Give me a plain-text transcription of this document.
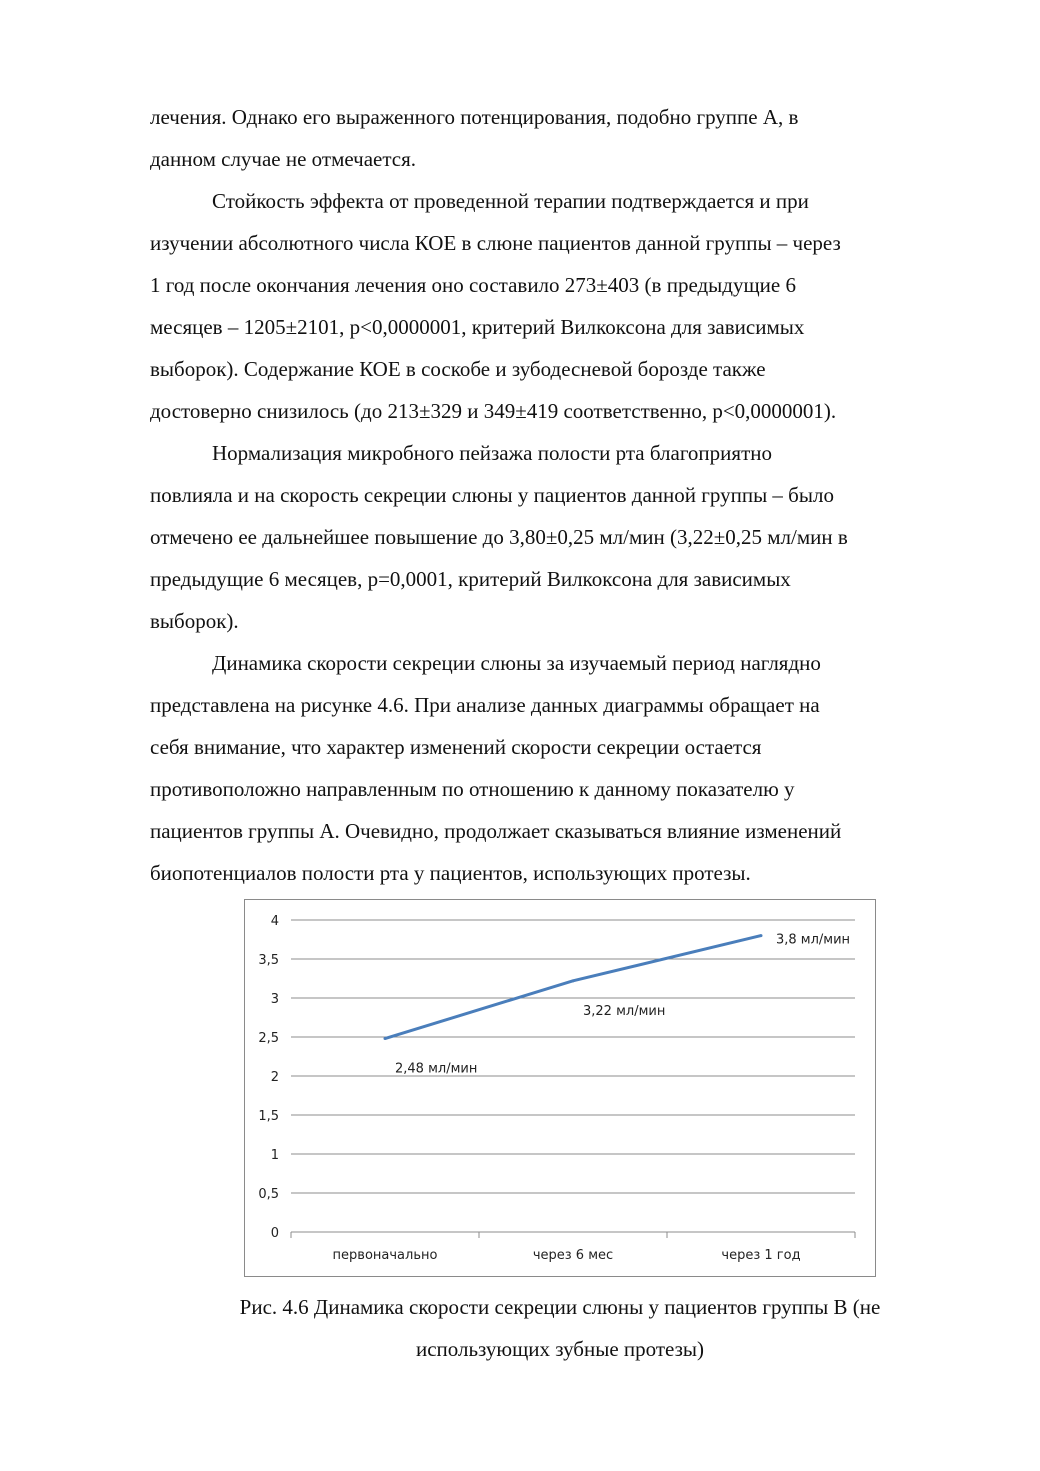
лечения. Однако его выраженного потенцирования, подобно группе А, в
данном случае не отмечается.
Стойкость эффекта от проведенной терапии подтверждается и при
изучении абсолютного числа КОЕ в слюне пациентов данной группы – через
1 год после окончания лечения оно составило 273±403 (в предыдущие 6
месяцев – 1205±2101, p<0,0000001, критерий Вилкоксона для зависимых
выборок). Содержание КОЕ в соскобе и зубодесневой борозде также
достоверно снизилось (до 213±329 и 349±419 соответственно, p<0,0000001).
Нормализация микробного пейзажа полости рта благоприятно
повлияла и на скорость секреции слюны у пациентов данной группы – было
отмечено ее дальнейшее повышение до 3,80±0,25 мл/мин (3,22±0,25 мл/мин в
предыдущие 6 месяцев, p=0,0001, критерий Вилкоксона для зависимых
выборок).
Динамика скорости секреции слюны за изучаемый период наглядно
представлена на рисунке 4.6. При анализе данных диаграммы обращает на
себя внимание, что характер изменений скорости секреции остается
противоположно направленным по отношению к данному показателю у
пациентов группы А. Очевидно, продолжает сказываться влияние изменений
биопотенциалов полости рта у пациентов, использующих протезы.
0
0,5
1
1,5
2
2,5
3
3,5
4
первоначально	через 6 мес	через 1 год
2,48 мл/мин
3,22 мл/мин
3,8 мл/мин
Рис. 4.6 Динамика скорости секреции слюны у пациентов группы В (не
использующих зубные протезы)
